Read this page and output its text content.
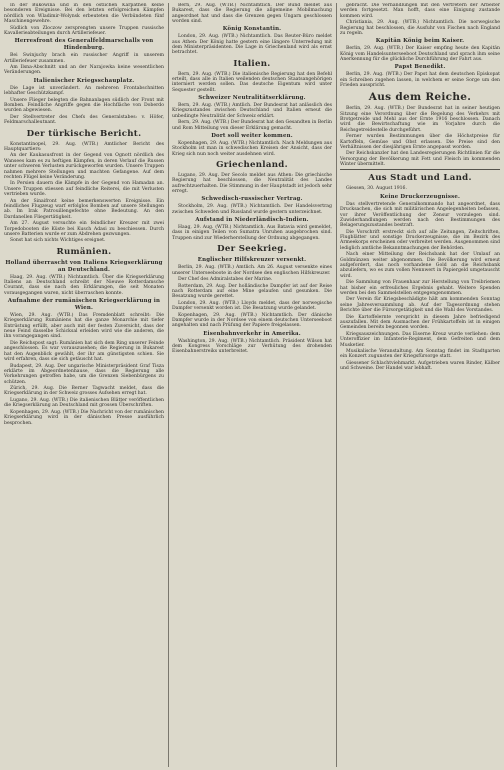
In der Bukowina und in den östlichen Karpathen keine besonderen Ereignisse. Bei den letzten erfolgreichen Kämpfen nördlich von Wladimir-Wolynsk erbeuteten die Verbündeten fünf Maschinengewehre.

Südlich von Zloczow zersprengten unsere Truppen russische Kavallerieabteilungen durch Artilleriefeuer.

Herresfront des Generalfeldmarschalls von Hindenburg.

Bei Swinjuchy brach ein russischer Angriff in unserem Artilleriefeuer zusammen.

Am Ilsna-Abschnitt und an der Narajowka keine wesentlichen Veränderungen.

Italienischer Kriegsschauplatz.

Die Lage ist unverändert. An mehreren Frontabschnitten lebhafter Geschützkampf.

Unsere Flieger belegten die Bahnanlagen südlich der Front mit Bomben. Feindliche Angriffe gegen die Hochfläche von Doberdo wurden abgewiesen.

Der Stellvertreter des Chefs des Generalstabes: v. Höfer, Feldmarschalleutnant.

Der türkische Bericht.

Konstantinopel, 29. Aug. (WTB.) Amtlicher Bericht des Hauptquartiers:

An der Kaukasusfront in der Gegend von Ognott nördlich des Wansees kam es zu heftigen Kämpfen, in deren Verlauf die Russen unter schweren Verlusten zurückgeworfen wurden. Unsere Truppen nahmen mehrere Stellungen und machten Gefangene. Auf dem rechten Flügel keine Veränderung.

In Persien dauern die Kämpfe in der Gegend von Hamadan an. Unsere Truppen stiessen auf feindliche Reiterei, die mit Verlusten vertrieben wurde.

An der Sinaifront keine bemerkenswerten Ereignisse. Ein feindliches Flugzeug warf erfolglos Bomben auf unsere Stellungen ab. Im Irak Patrouillengefechte ohne Bedeutung. An den Dardanellen Fliegertätigkeit.

Am 27. August versuchte ein feindlicher Kreuzer mit zwei Torpedobooten die Küste bei Kusch Adasi zu beschiessen. Durch unsere Batterien wurde er zum Abdrehen gezwungen.

Sonst hat sich nichts Wichtiges ereignet.

Rumänien.
Holland überrascht von Italiens Kriegserklärung an Deutschland.

Haag, 29. Aug. (WTB.) Nichtamtlich. Über die Kriegserklärung Italiens an Deutschland schreibt der Nieuwe Rotterdamsche Courant, dass sie nach den Erklärungen, die seit Monaten vorausgegangen waren, nicht überraschen konnte.

Aufnahme der rumänischen Kriegserklärung in Wien.

Wien, 29. Aug. (WTB.) Das Fremdenblatt schreibt: Die Kriegserklärung Rumäniens hat die ganze Monarchie mit tiefer Entrüstung erfüllt, aber auch mit der festen Zuversicht, dass der neue Feind dasselbe Schicksal erleiden wird wie die anderen, die ihn vorangegangen sind.

Die Reichspost sagt: Rumänien hat sich dem Ring unserer Feinde angeschlossen. Es war vorauszusehen; die Regierung in Bukarest hat den Augenblick gewählt, der ihr am günstigsten schien. Sie wird erfahren, dass sie sich getäuscht hat.

Budapest, 29. Aug. Der ungarische Ministerpräsident Graf Tisza erklärte im Abgeordnetenhause, dass die Regierung alle Vorkehrungen getroffen habe, um die Grenzen Siebenbürgens zu schützen.

Zürich, 29. Aug. Die Berner Tagwacht meldet, dass die Kriegserklärung in der Schweiz grosses Aufsehen erregt hat.

Lugano, 29. Aug. (WTB.) Die italienischen Blätter veröffentlichen die Kriegserklärung an Deutschland mit grossen Überschriften.

Kopenhagen, 29. Aug. (WTB.) Die Nachricht von der rumänischen Kriegserklärung wird in der dänischen Presse ausführlich besprochen.

Bern, 29. Aug. (WTB.) Nichtamtlich. Der Bund meldet aus Bukarest, dass die Regierung die allgemeine Mobilmachung angeordnet hat und dass die Grenzen gegen Ungarn geschlossen worden sind.

König Konstantin.

London, 29. Aug. (WTB.) Nichtamtlich. Das Reuter-Büro meldet aus Athen: Der König hatte gestern eine längere Unterredung mit dem Ministerpräsidenten. Die Lage in Griechenland wird als ernst betrachtet.

Italien.

Bern, 29. Aug. (WTB.) Die italienische Regierung hat den Befehl erteilt, dass alle in Italien weilenden deutschen Staatsangehörigen interniert werden sollen. Das deutsche Eigentum wird unter Sequester gestellt.

Schweizer Neutralitätserklärung.

Bern, 29. Aug. (WTB.) Amtlich. Der Bundesrat hat anlässlich des Kriegszustandes zwischen Deutschland und Italien erneut die unbedingte Neutralität der Schweiz erklärt.

Bern, 29. Aug. (WTB.) Der Bundesrat hat den Gesandten in Berlin und Rom Mitteilung von dieser Erklärung gemacht.

Dort soll weiter kommen.

Kopenhagen, 29. Aug. (WTB.) Nichtamtlich. Nach Meldungen aus Stockholm ist man in schwedischen Kreisen der Ansicht, dass der Krieg sich nun noch weiter ausdehnen wird.

Griechenland.

Lugano, 29. Aug. Der Secolo meldet aus Athen: Die griechische Regierung hat beschlossen, die Neutralität des Landes aufrechtzuerhalten. Die Stimmung in der Hauptstadt ist jedoch sehr erregt.

Schwedisch-russischer Vertrag.

Stockholm, 29. Aug. (WTB.) Nichtamtlich. Der Handelsvertrag zwischen Schweden und Russland wurde gestern unterzeichnet.

Aufstand in Niederländisch-Indien.

Haag, 29. Aug. (WTB.) Nichtamtlich. Aus Batavia wird gemeldet, dass in einigen Teilen von Sumatra Unruhen ausgebrochen sind. Truppen sind zur Wiederherstellung der Ordnung abgegangen.

Der Seekrieg.
Englischer Hilfskreuzer versenkt.

Berlin, 29. Aug. (WTB.) Amtlich. Am 26. August versenkte eines unserer Unterseeboote in der Nordsee den englischen Hilfskreuzer.

Der Chef des Admiralstabes der Marine.

Rotterdam, 29. Aug. Der holländische Dampfer ist auf der Reise nach Rotterdam auf eine Mine gelaufen und gesunken. Die Besatzung wurde gerettet.

London, 29. Aug. (WTB.) Lloyds meldet, dass der norwegische Dampfer versenkt worden ist. Die Besatzung wurde gelandet.

Kopenhagen, 29. Aug. (WTB.) Nichtamtlich. Der dänische Dampfer wurde in der Nordsee von einem deutschen Unterseeboot angehalten und nach Prüfung der Papiere freigelassen.

Eisenbahnverkehr in Amerika.

Washington, 29. Aug. (WTB.) Nichtamtlich. Präsident Wilson hat dem Kongress Vorschläge zur Verhütung des drohenden Eisenbahnerstreiks unterbreitet.

gebracht. Die Verhandlungen mit den Vertretern der Arbeiter werden fortgesetzt. Man hofft, dass eine Einigung zustande kommen wird.

Christiania, 29. Aug. (WTB.) Nichtamtlich. Die norwegische Regierung hat beschlossen, die Ausfuhr von Fischen nach England zu regeln.

Kapitän König beim Kaiser.

Berlin, 29. Aug. (WTB.) Der Kaiser empfing heute den Kapitän König vom Handelsunterseeboot Deutschland und sprach ihm seine Anerkennung für die glückliche Durchführung der Fahrt aus.

Papst Benedikt.

Berlin, 29. Aug. (WTB.) Der Papst hat dem deutschen Episkopat ein Schreiben zugehen lassen, in welchem er seine Sorge um den Frieden ausspricht.

Aus dem Reiche.

Berlin, 29. Aug. (WTB.) Der Bundesrat hat in seiner heutigen Sitzung eine Verordnung über die Regelung des Verkehrs mit Brotgetreide und Mehl aus der Ernte 1916 beschlossen. Danach wird die Bewirtschaftung wie im Vorjahre durch die Reichsgetreidestelle durchgeführt.

Ferner wurden Bestimmungen über die Höchstpreise für Kartoffeln, Gemüse und Obst erlassen. Die Preise sind den Verhältnissen der diesjährigen Ernte angepasst worden.

Der Reichskanzler hat den Landesregierungen Richtlinien für die Versorgung der Bevölkerung mit Fett und Fleisch im kommenden Winter übermittelt.

Aus Stadt und Land.

Giessen, 30. August 1916.

Keine Druckerzeugnisse.

Das stellvertretende Generalkommando hat angeordnet, dass Drucksachen, die sich mit militärischen Angelegenheiten befassen, vor ihrer Veröffentlichung der Zensur vorzulegen sind. Zuwiderhandlungen werden nach den Bestimmungen des Belagerungszustandes bestraft.

Die Vorschrift erstreckt sich auf alle Zeitungen, Zeitschriften, Flugblätter und sonstige Druckerzeugnisse, die im Bezirk des Armeekorps erscheinen oder verbreitet werden. Ausgenommen sind lediglich amtliche Bekanntmachungen der Behörden.

Nach einer Mitteilung der Reichsbank hat der Umlauf an Goldmünzen weiter abgenommen. Die Bevölkerung wird erneut aufgefordert, das noch vorhandene Gold an die Reichsbank abzuliefern, wo es zum vollen Nennwert in Papiergeld umgetauscht wird.

Die Sammlung von Frauenhaar zur Herstellung von Treibriemen hat bisher ein erfreuliches Ergebnis gehabt. Weitere Spenden werden bei den Sammelstellen entgegengenommen.

Der Verein für Kriegsbeschädigte hält am kommenden Sonntag seine Jahresversammlung ab. Auf der Tagesordnung stehen Berichte über die Fürsorgetätigkeit und die Wahl des Vorstandes.

Die Kartoffelernte verspricht in diesem Jahre befriedigend auszufallen. Mit dem Ausmachen der Frühkartoffeln ist in einigen Gemeinden bereits begonnen worden.

Kriegsauszeichnungen. Das Eiserne Kreuz wurde verliehen: dem Unteroffizier im Infanterie-Regiment, dem Gefreiten und dem Musketier.

Musikalische Veranstaltung. Am Sonntag findet im Stadtgarten ein Konzert zugunsten der Kriegsfürsorge statt.

Giessener Schlachtviehmarkt. Aufgetrieben waren Rinder, Kälber und Schweine. Der Handel war lebhaft.
